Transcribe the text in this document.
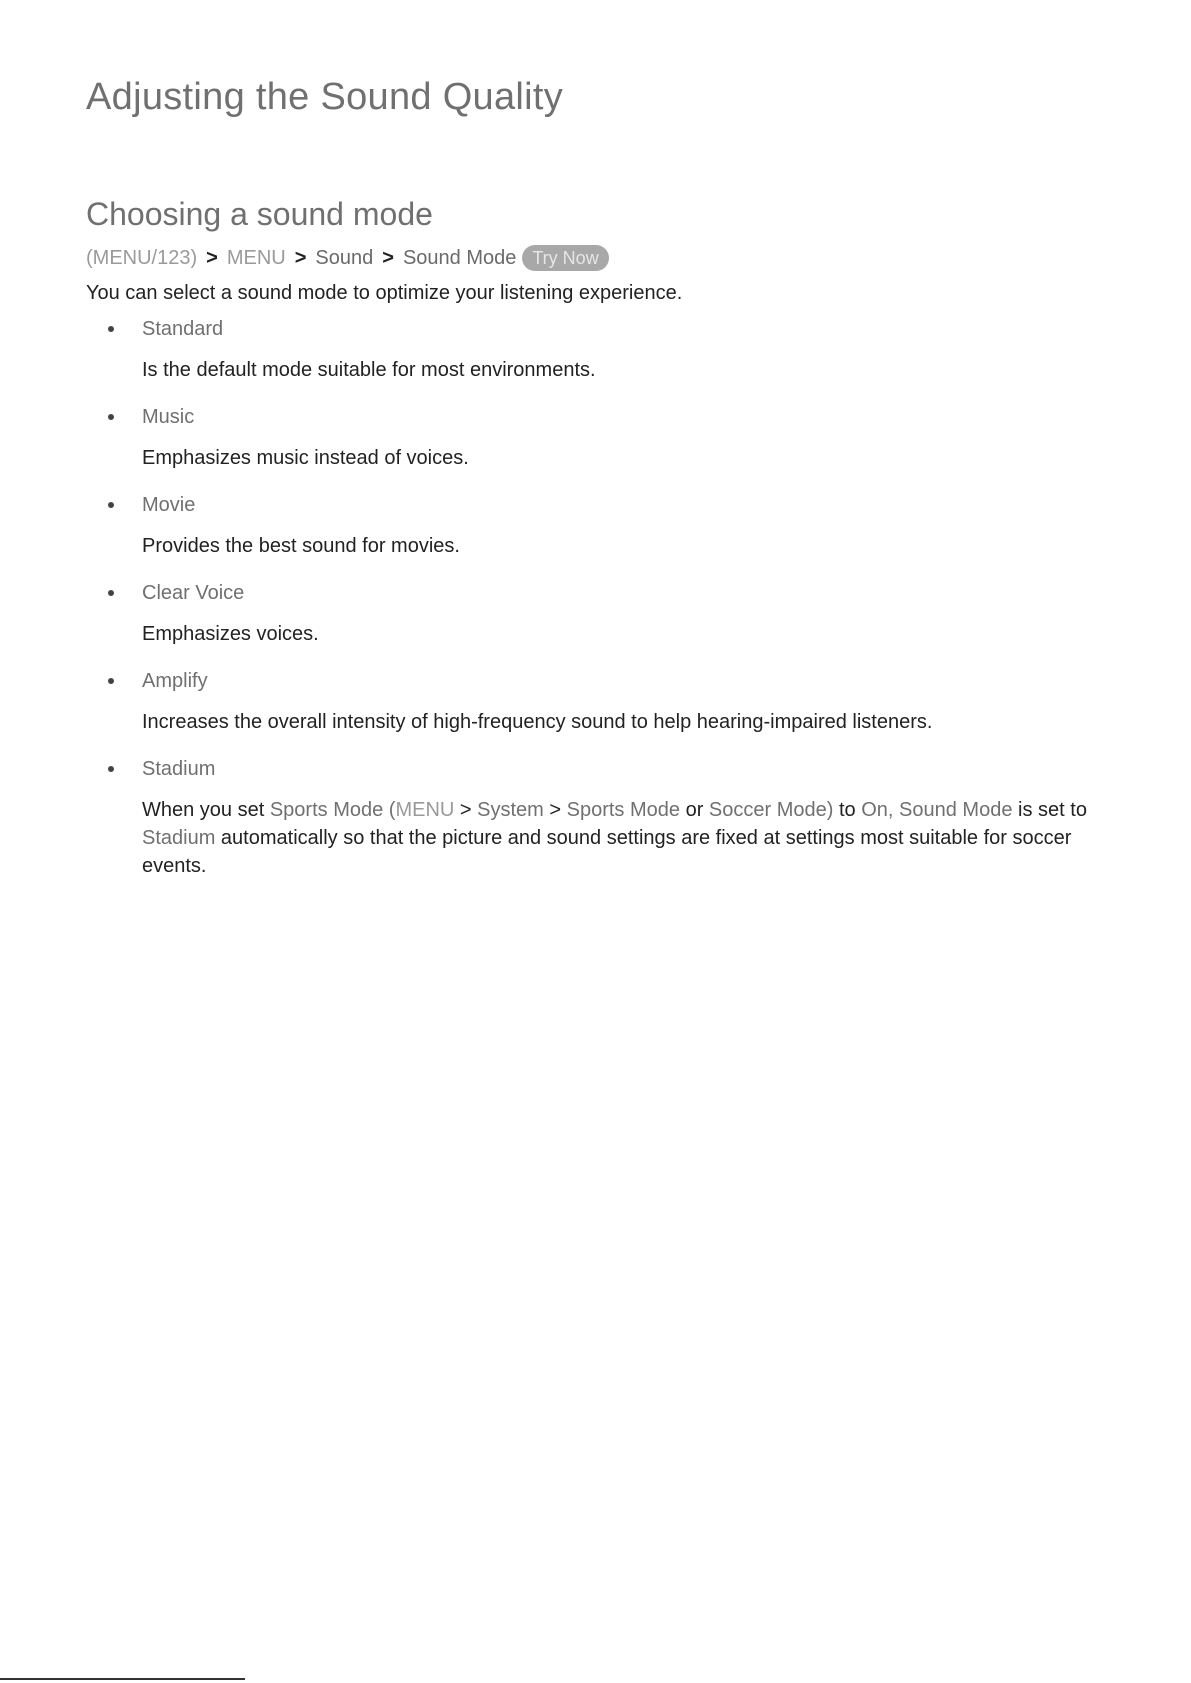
Adjusting the Sound Quality
Choosing a sound mode
(MENU/123) > MENU > Sound > Sound Mode Try Now

You can select a sound mode to optimize your listening experience.

Standard
Is the default mode suitable for most environments.
Music
Emphasizes music instead of voices.
Movie
Provides the best sound for movies.
Clear Voice
Emphasizes voices.
Amplify
Increases the overall intensity of high-frequency sound to help hearing-impaired listeners.
Stadium
When you set Sports Mode (MENU > System > Sports Mode or Soccer Mode) to On, Sound Mode is set to Stadium automatically so that the picture and sound settings are fixed at settings most suitable for soccer events.
